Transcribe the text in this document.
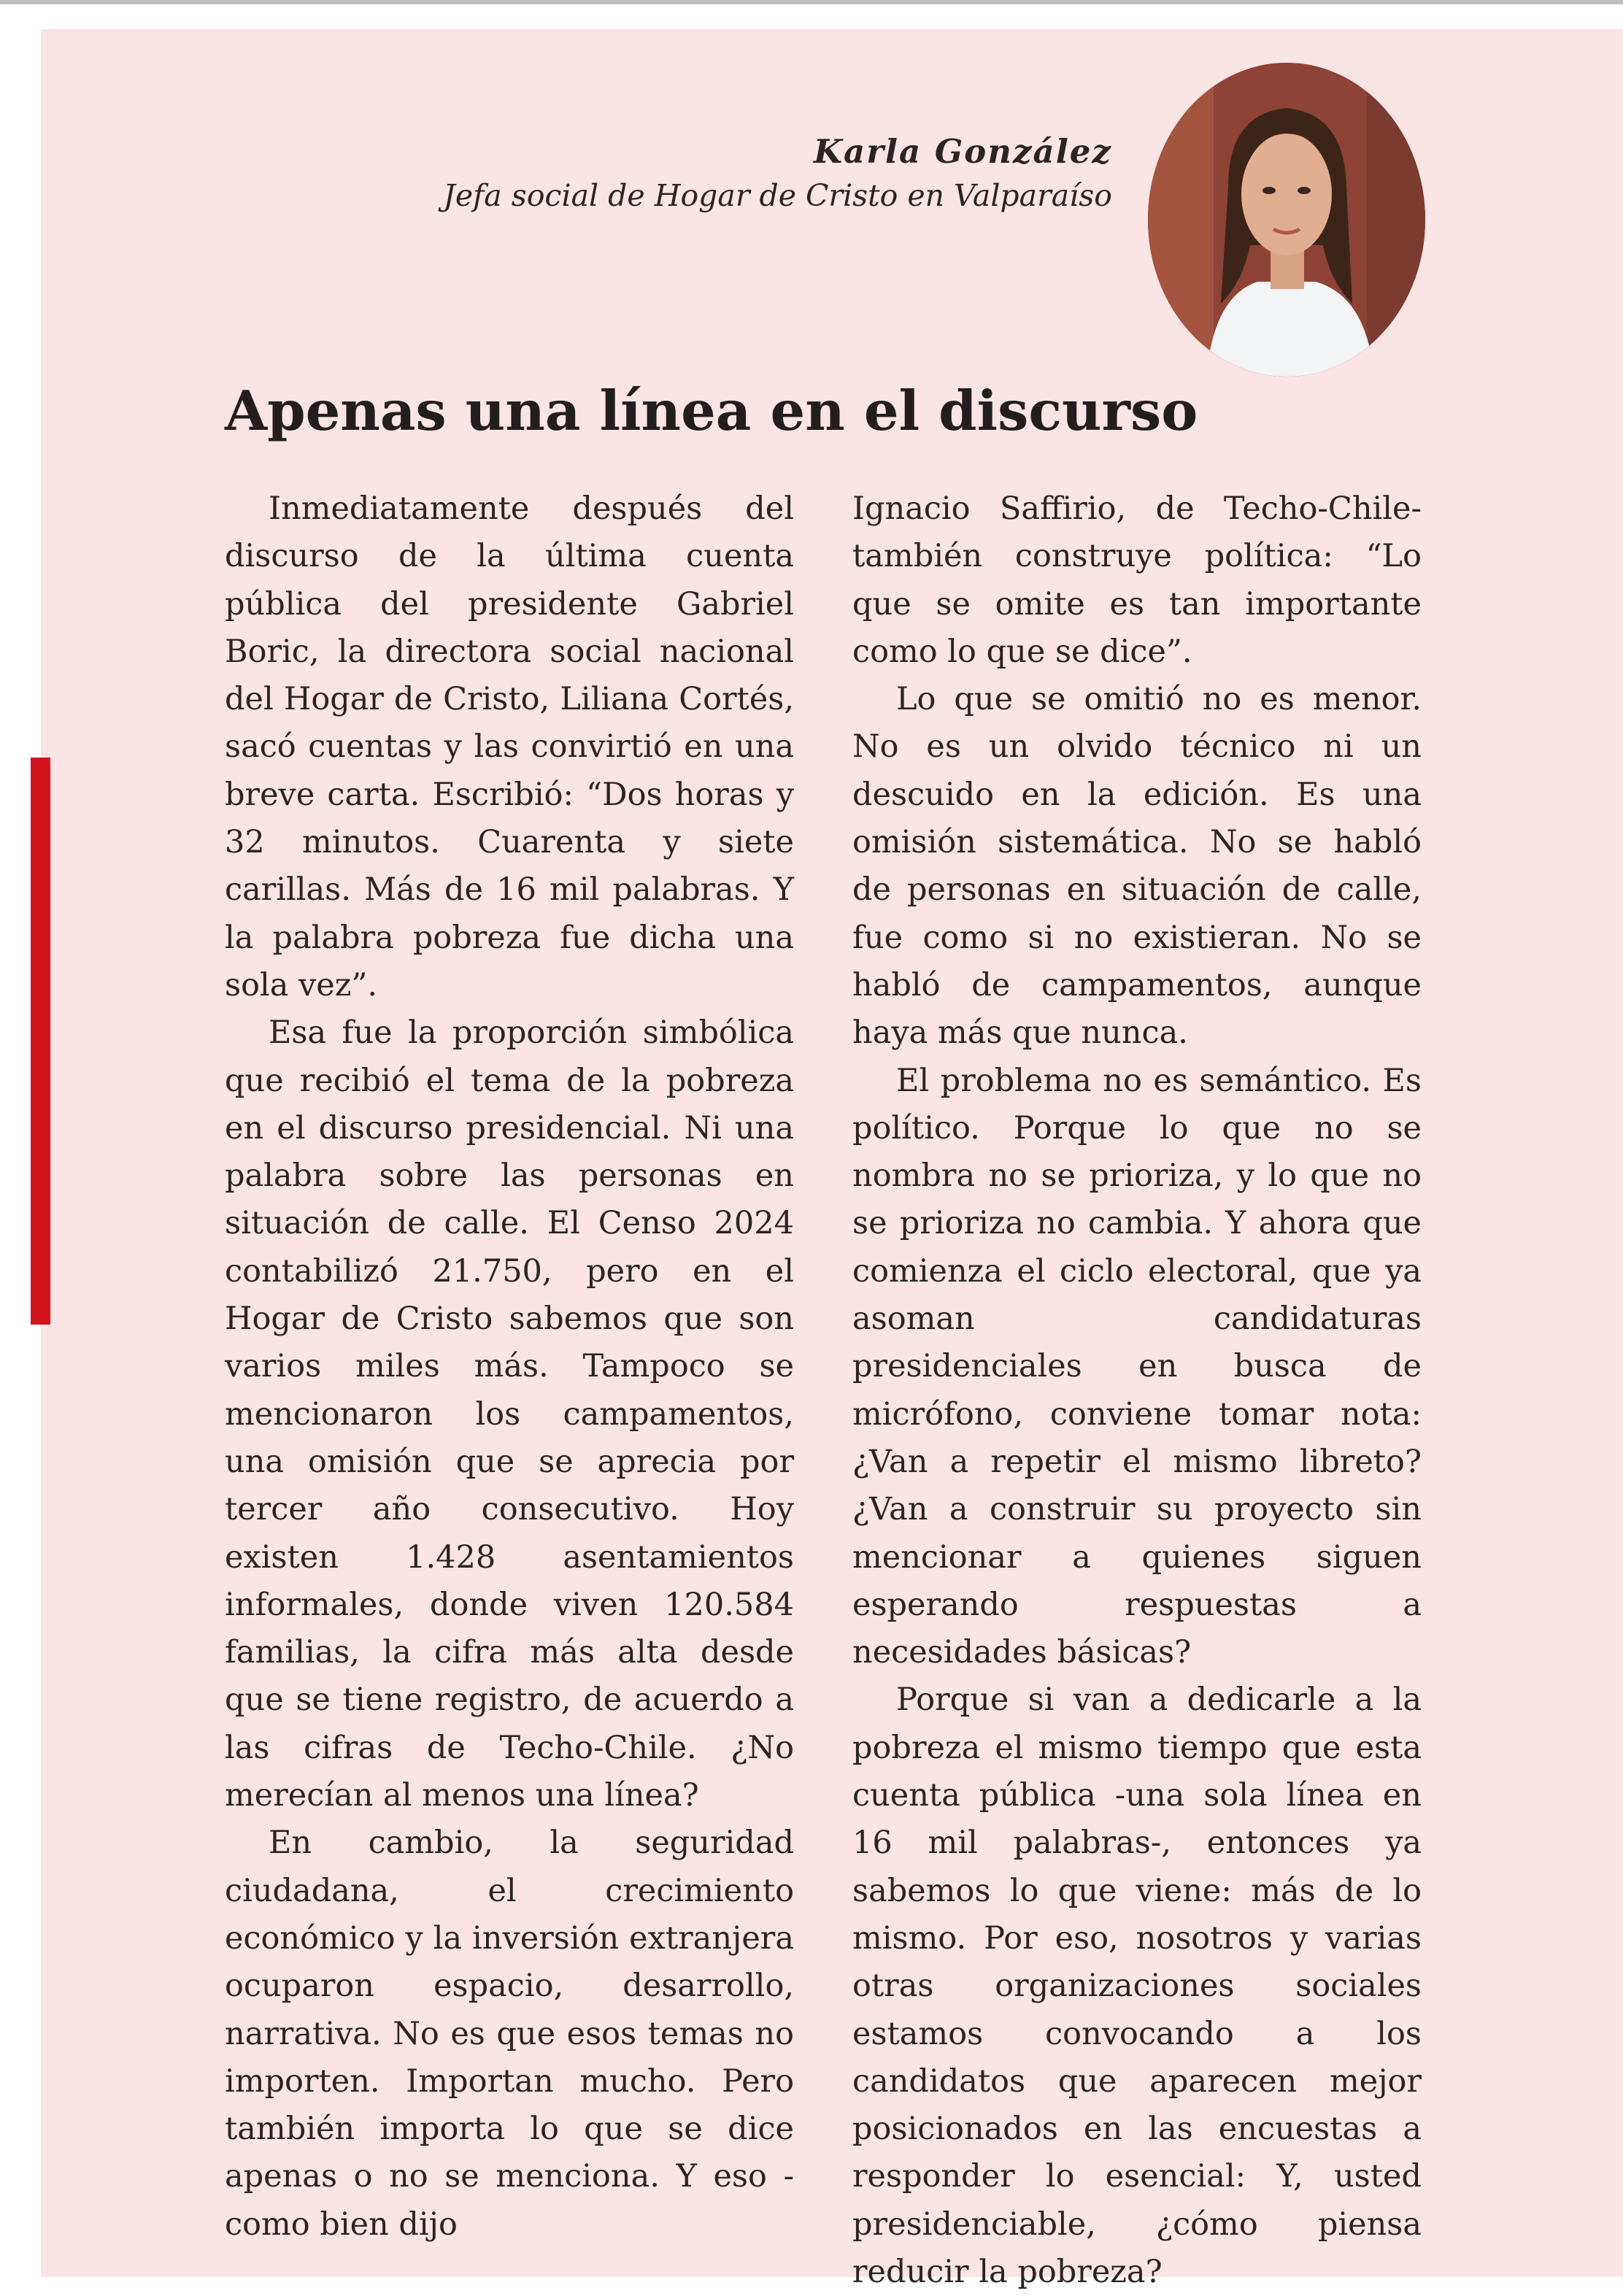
Karla González
Jefa social de Hogar de Cristo en Valparaíso
Apenas una línea en el discurso

Inmediatamente después del discurso de la última cuenta pública del presidente Gabriel Boric, la directora social nacional del Hogar de Cristo, Liliana Cortés, sacó cuentas y las convirtió en una breve carta. Escribió: “Dos horas y 32 minutos. Cuarenta y siete carillas. Más de 16 mil palabras. Y la palabra pobreza fue dicha una sola vez”.

Esa fue la proporción simbólica que recibió el tema de la pobreza en el discurso presidencial. Ni una palabra sobre las personas en situación de calle. El Censo 2024 contabilizó 21.750, pero en el Hogar de Cristo sabemos que son varios miles más. Tampoco se mencionaron los campamentos, una omisión que se aprecia por tercer año consecutivo. Hoy existen 1.428 asentamientos informales, donde viven 120.584 familias, la cifra más alta desde que se tiene registro, de acuerdo a las cifras de Techo-Chile. ¿No merecían al menos una línea?

En cambio, la seguridad ciudadana, el crecimiento económico y la inversión extranjera ocuparon espacio, desarrollo, narrativa. No es que esos temas no importen. Importan mucho. Pero también importa lo que se dice apenas o no se menciona. Y eso -como bien dijo

Ignacio Saffirio, de Techo-Chile- también construye política: “Lo que se omite es tan importante como lo que se dice”.

Lo que se omitió no es menor. No es un olvido técnico ni un descuido en la edición. Es una omisión sistemática. No se habló de personas en situación de calle, fue como si no existieran. No se habló de campamentos, aunque haya más que nunca.

El problema no es semántico. Es político. Porque lo que no se nombra no se prioriza, y lo que no se prioriza no cambia. Y ahora que comienza el ciclo electoral, que ya asoman candidaturas presidenciales en busca de micrófono, conviene tomar nota: ¿Van a repetir el mismo libreto? ¿Van a construir su proyecto sin mencionar a quienes siguen esperando respuestas a necesidades básicas?

Porque si van a dedicarle a la pobreza el mismo tiempo que esta cuenta pública -una sola línea en 16 mil palabras-, entonces ya sabemos lo que viene: más de lo mismo. Por eso, nosotros y varias otras organizaciones sociales estamos convocando a los candidatos que aparecen mejor posicionados en las encuestas a responder lo esencial: Y, usted presidenciable, ¿cómo piensa reducir la pobreza?
